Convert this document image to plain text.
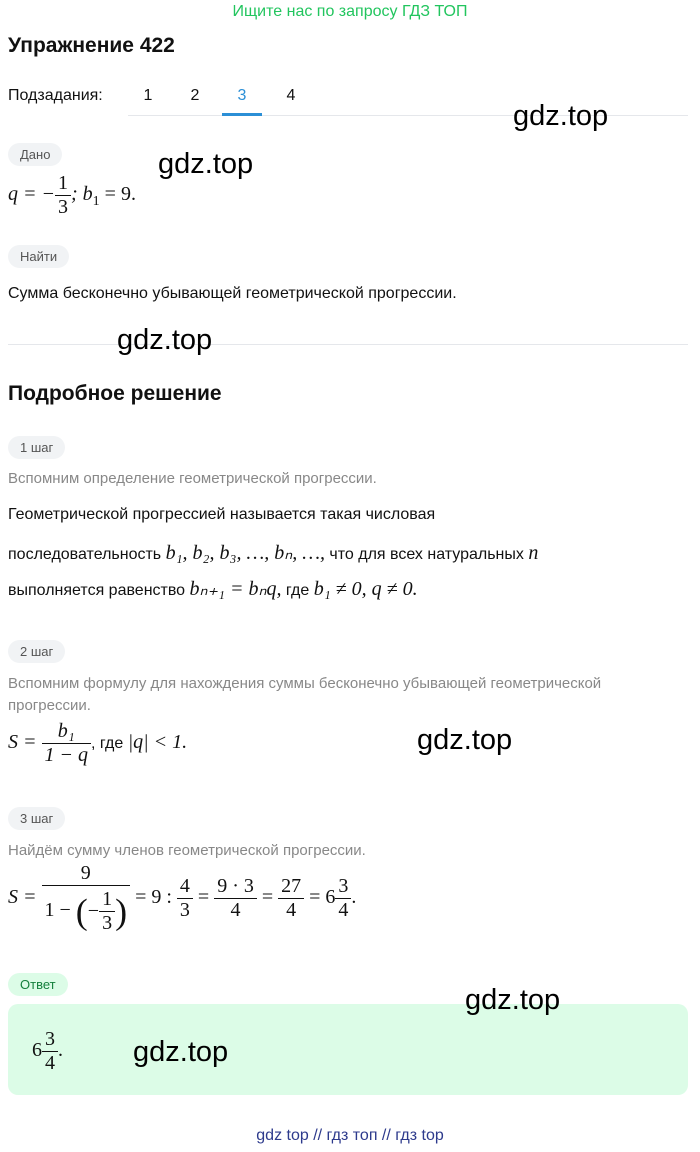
Ищите нас по запросу ГДЗ ТОП
Упражнение 422
Подзадания:	1	2	3	4
Дано
q = − $\frac{1}{3}$ ; $b_1 = 9$.
Найти
Сумма бесконечно убывающей геометрической прогрессии.
Подробное решение
1 шаг
Вспомним определение геометрической прогрессии.
Геометрической прогрессией называется такая числовая
последовательность b₁, b₂, b₃, …, bₙ, …, что для всех натуральных n
выполняется равенство bₙ₊₁ = bₙq, где b₁ ≠ 0, q ≠ 0.
2 шаг
Вспомним формулу для нахождения суммы бесконечно убывающей геометрической прогрессии.
$S = \frac{\text{b₁}}{1 - q}$ , где |q| < 1.
3 шаг
Найдём сумму членов геометрической прогрессии.
$S = \frac{9}{1 - (- \frac{1}{3} )} = 9$ : $\frac{4}{3} = \frac{9 \cdot 3}{4} = \frac{27}{4} = 6 \frac{3}{4}$ .
Ответ
$6 \frac{3}{4}$ .
gdz.top
gdz.top
gdz.top
gdz.top
gdz.top
gdz.top
gdz top // гдз топ // гдз top
